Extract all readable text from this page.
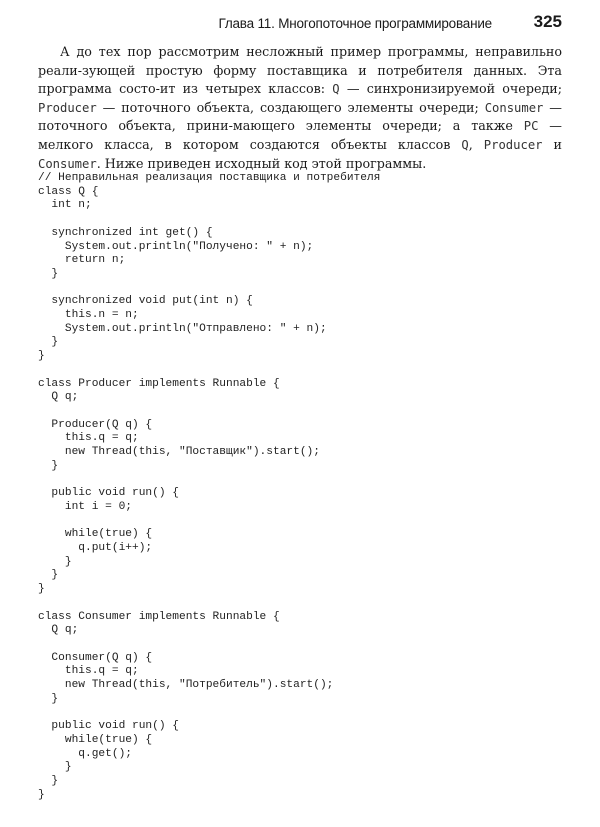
Глава 11. Многопоточное программирование 325

А до тех пор рассмотрим несложный пример программы, неправильно реали-зующей простую форму поставщика и потребителя данных. Эта программа состо-ит из четырех классов: Q — синхронизируемой очереди; Producer — поточного объекта, создающего элементы очереди; Consumer — поточного объекта, прини-мающего элементы очереди; а также PC — мелкого класса, в котором создаются объекты классов Q, Producer и Consumer. Ниже приведен исходный код этой программы.

// Неправильная реализация поставщика и потребителя
class Q {
int n;

synchronized int get() {
System.out.println("Получено: " + n);
return n;
}

synchronized void put(int n) {
this.n = n;
System.out.println("Отправлено: " + n);
}
}

class Producer implements Runnable {
Q q;

Producer(Q q) {
this.q = q;
new Thread(this, "Поставщик").start();
}

public void run() {
int i = 0;

while(true) {
q.put(i++);
}
}
}

class Consumer implements Runnable {
Q q;

Consumer(Q q) {
this.q = q;
new Thread(this, "Потребитель").start();
}

public void run() {
while(true) {
q.get();
}
}
}
